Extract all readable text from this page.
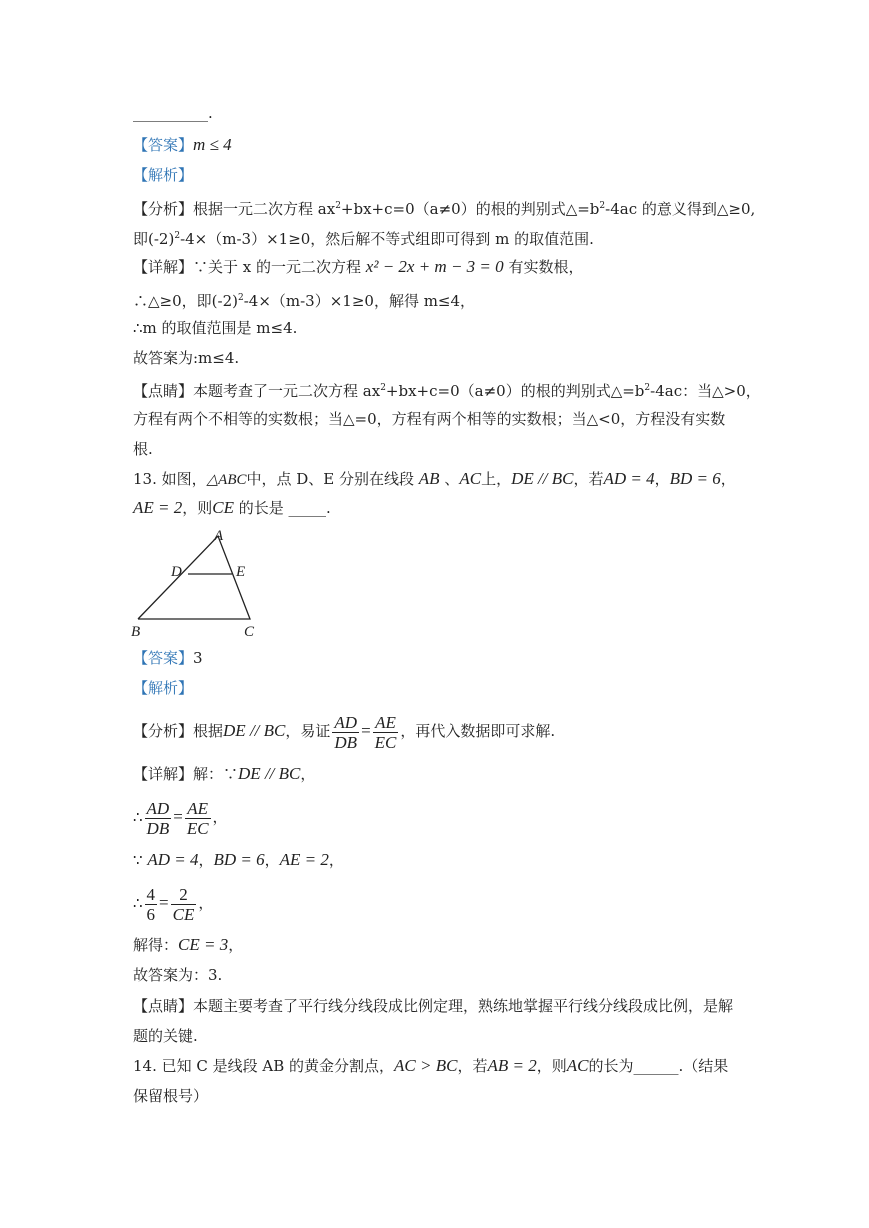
__________.
【答案】m ≤ 4
【解析】
【分析】根据一元二次方程 $ax^2+bx+c=0(a\ne 0)$的根的判别式$\triangle=b^2-4ac$ 的意义得到△≥0,
即$(-2)^2-4\times(m-3)\times 1\ge 0$，然后解不等式组即可得到 m 的取值范围.
【详解】∵关于 x 的一元二次方程 x² − 2x + m − 3 = 0 有实数根，
∴△≥0，即$(-2)^2-4\times(m-3)\times 1\ge 0$，解得 m≤4，
∴m 的取值范围是 m≤4.
故答案为:m≤4.
【点睛】本题考查了一元二次方程 $ax^2+bx+c=0(a\ne 0)$的根的判别式$\triangle=b^2-4ac$：当△>0，
方程有两个不相等的实数根；当△=0，方程有两个相等的实数根；当△<0，方程没有实数
根.
13. 如图，△ABC中，点 D、E 分别在线段 AB 、AC上，DE // BC，若AD = 4，BD = 6，
AE = 2，则CE 的长是 _____.
A
D	E
B	C
【答案】3
【解析】
【分析】根据DE // BC，易证 $\frac{AD}{DB} = \frac{AE}{EC}$ ，再代入数据即可求解.
【详解】解：∵DE // BC，
∴ $\frac{AD}{DB} = \frac{AE}{EC}$ ，
∵ AD = 4，BD = 6，AE = 2，
∴ $\frac{4}{6} = \frac{2}{CE}$ ，
解得：CE = 3，
故答案为：3.
【点睛】本题主要考查了平行线分线段成比例定理，熟练地掌握平行线分线段成比例，是解
题的关键.
14. 已知 C 是线段 AB 的黄金分割点，AC > BC，若AB = 2，则AC的长为______.（结果
保留根号）
